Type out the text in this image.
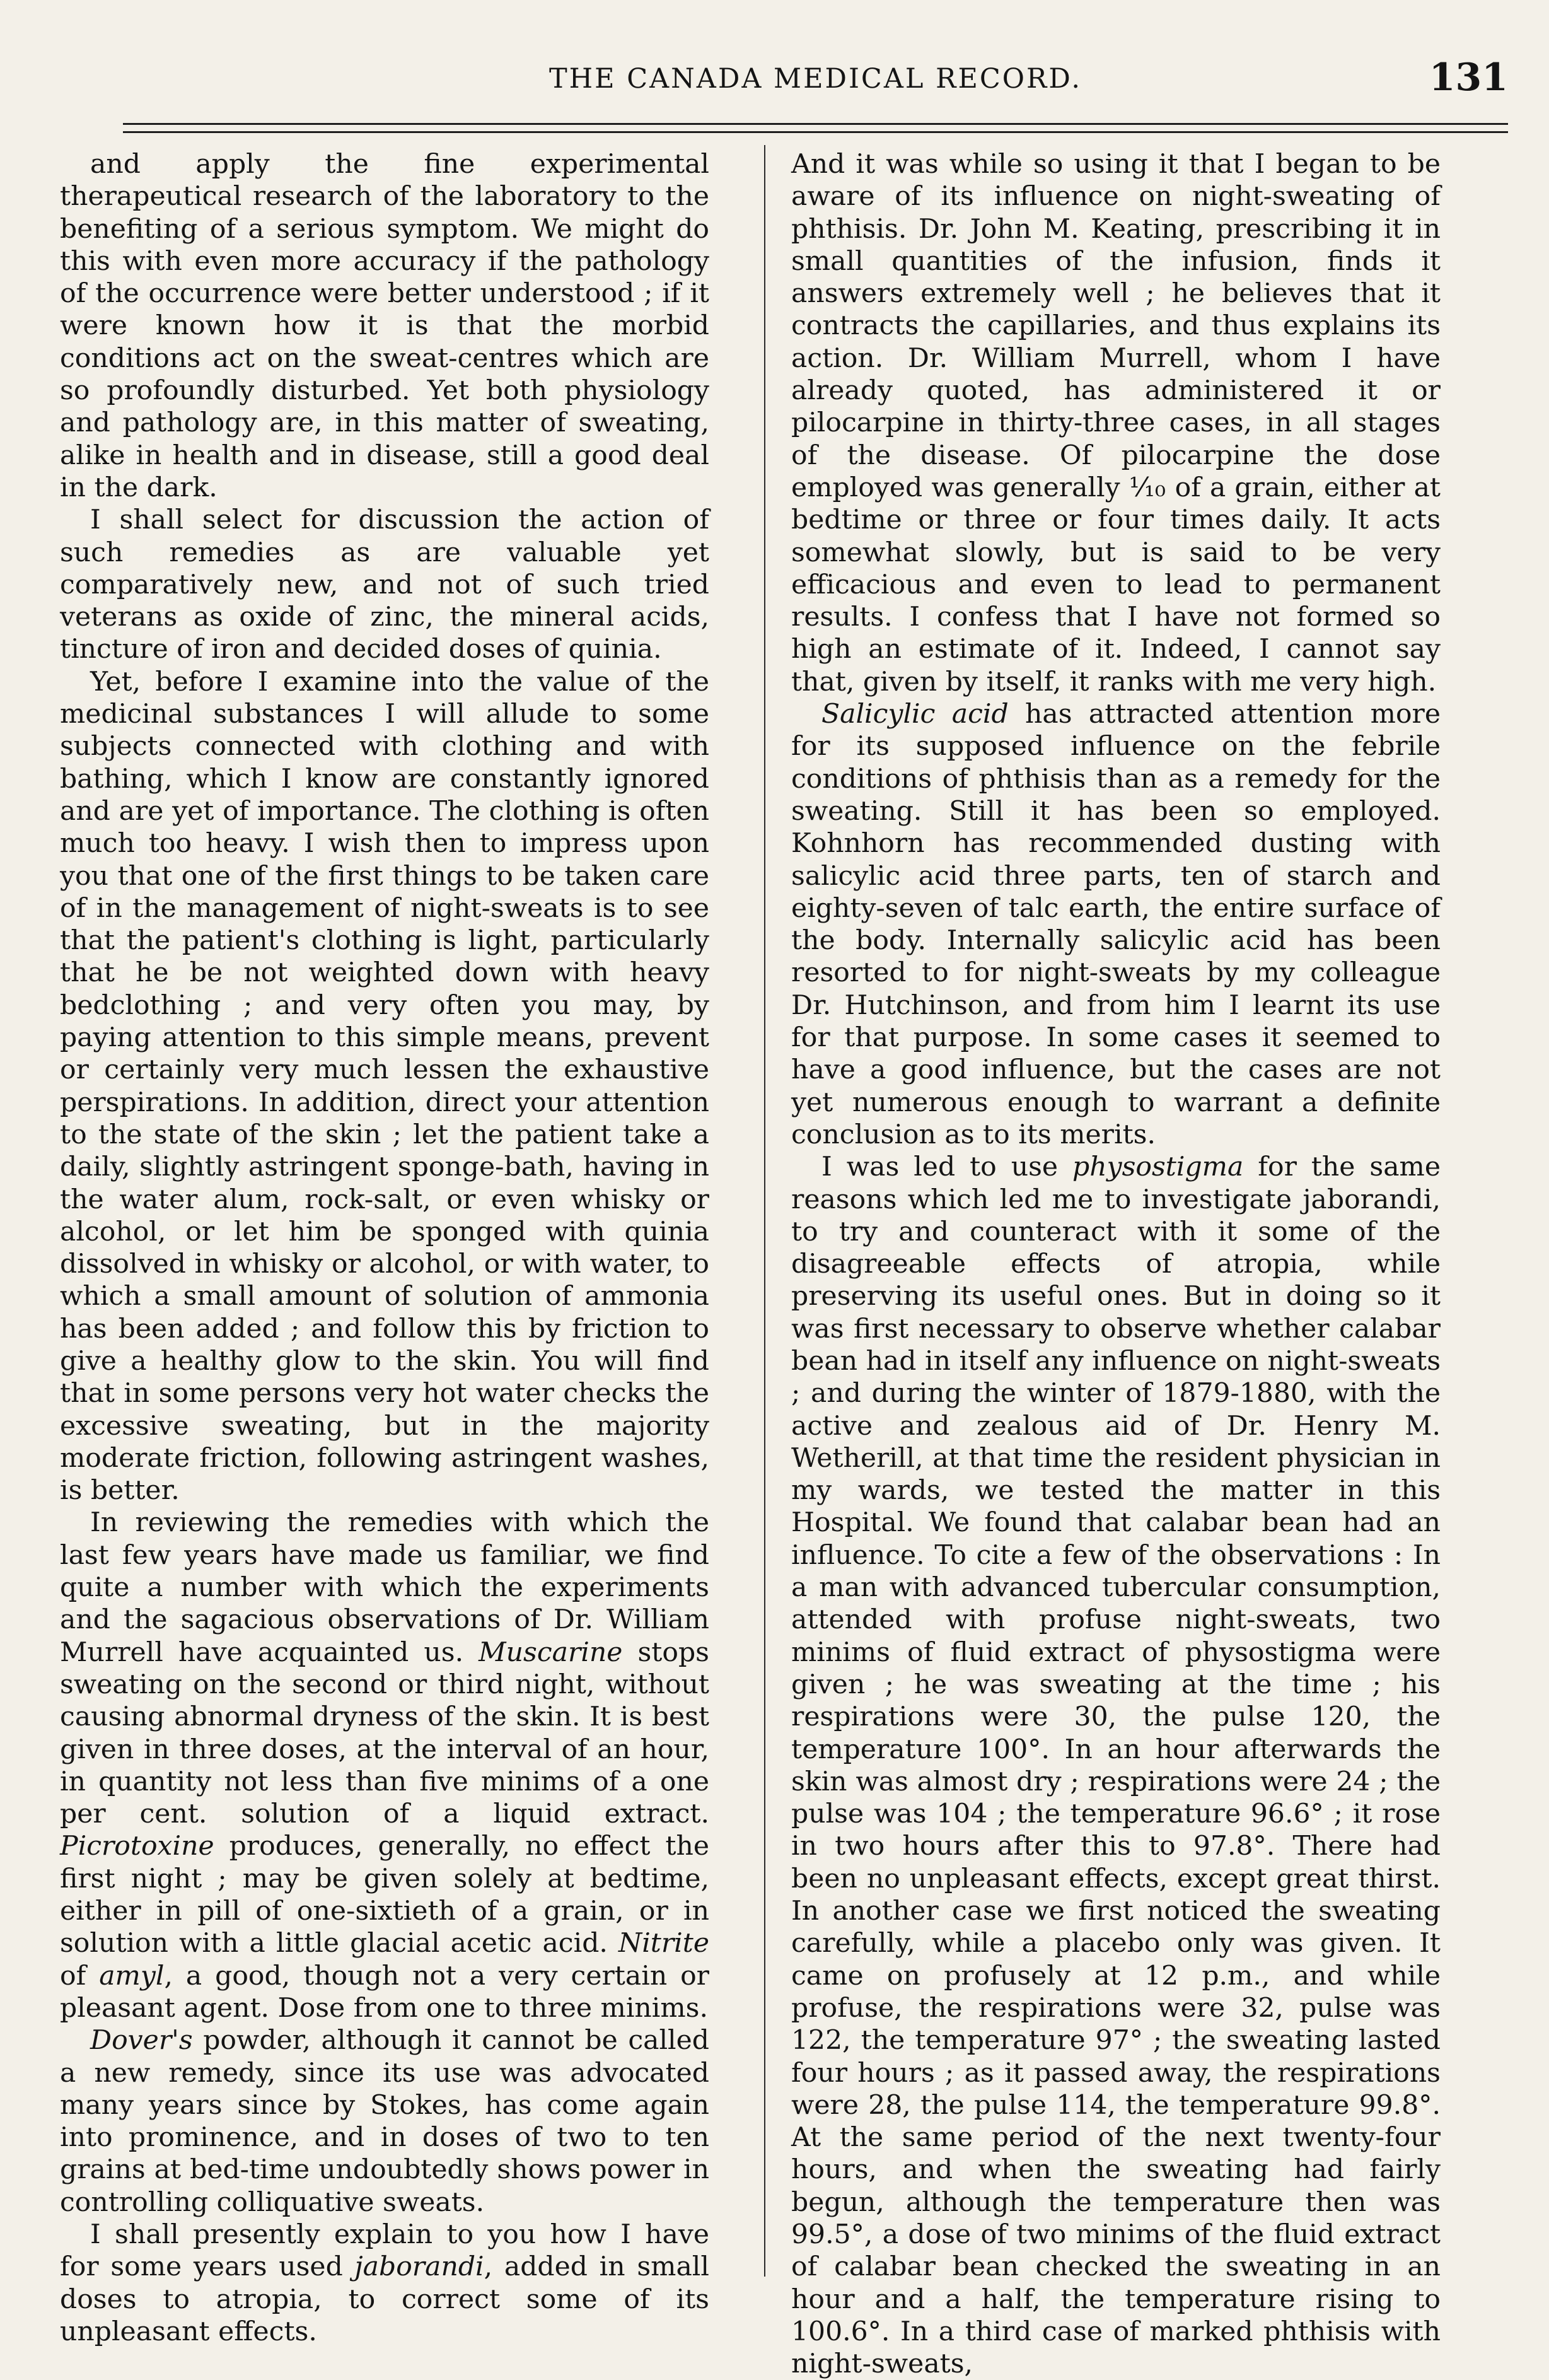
THE CANADA MEDICAL RECORD.	131

and apply the fine experimental therapeutical research of the laboratory to the benefiting of a serious symptom. We might do this with even more accuracy if the pathology of the occurrence were better understood ; if it were known how it is that the morbid conditions act on the sweat-centres which are so profoundly disturbed. Yet both physiology and pathology are, in this matter of sweating, alike in health and in disease, still a good deal in the dark.

I shall select for discussion the action of such remedies as are valuable yet comparatively new, and not of such tried veterans as oxide of zinc, the mineral acids, tincture of iron and decided doses of quinia.

Yet, before I examine into the value of the medicinal substances I will allude to some subjects connected with clothing and with bathing, which I know are constantly ignored and are yet of importance. The clothing is often much too heavy. I wish then to impress upon you that one of the first things to be taken care of in the management of night-sweats is to see that the patient's clothing is light, particularly that he be not weighted down with heavy bedclothing ; and very often you may, by paying attention to this simple means, prevent or certainly very much lessen the exhaustive perspirations. In addition, direct your attention to the state of the skin ; let the patient take a daily, slightly astringent sponge-bath, having in the water alum, rock-salt, or even whisky or alcohol, or let him be sponged with quinia dissolved in whisky or alcohol, or with water, to which a small amount of solution of ammonia has been added ; and follow this by friction to give a healthy glow to the skin. You will find that in some persons very hot water checks the excessive sweating, but in the majority moderate friction, following astringent washes, is better.

In reviewing the remedies with which the last few years have made us familiar, we find quite a number with which the experiments and the sagacious observations of Dr. William Murrell have acquainted us. Muscarine stops sweating on the second or third night, without causing abnormal dryness of the skin. It is best given in three doses, at the interval of an hour, in quantity not less than five minims of a one per cent. solution of a liquid extract. Picrotoxine produces, generally, no effect the first night ; may be given solely at bedtime, either in pill of one-sixtieth of a grain, or in solution with a little glacial acetic acid. Nitrite of amyl, a good, though not a very certain or pleasant agent. Dose from one to three minims.

Dover's powder, although it cannot be called a new remedy, since its use was advocated many years since by Stokes, has come again into prominence, and in doses of two to ten grains at bed-time undoubtedly shows power in controlling colliquative sweats.

I shall presently explain to you how I have for some years used jaborandi, added in small doses to atropia, to correct some of its unpleasant effects.

And it was while so using it that I began to be aware of its influence on night-sweating of phthisis. Dr. John M. Keating, prescribing it in small quantities of the infusion, finds it answers extremely well ; he believes that it contracts the capillaries, and thus explains its action. Dr. William Murrell, whom I have already quoted, has administered it or pilocarpine in thirty-three cases, in all stages of the disease. Of pilocarpine the dose employed was generally ⅒ of a grain, either at bedtime or three or four times daily. It acts somewhat slowly, but is said to be very efficacious and even to lead to permanent results. I confess that I have not formed so high an estimate of it. Indeed, I cannot say that, given by itself, it ranks with me very high.

Salicylic acid has attracted attention more for its supposed influence on the febrile conditions of phthisis than as a remedy for the sweating. Still it has been so employed. Kohnhorn has recommended dusting with salicylic acid three parts, ten of starch and eighty-seven of talc earth, the entire surface of the body. Internally salicylic acid has been resorted to for night-sweats by my colleague Dr. Hutchinson, and from him I learnt its use for that purpose. In some cases it seemed to have a good influence, but the cases are not yet numerous enough to warrant a definite conclusion as to its merits.

I was led to use physostigma for the same reasons which led me to investigate jaborandi, to try and counteract with it some of the disagreeable effects of atropia, while preserving its useful ones. But in doing so it was first necessary to observe whether calabar bean had in itself any influence on night-sweats ; and during the winter of 1879-1880, with the active and zealous aid of Dr. Henry M. Wetherill, at that time the resident physician in my wards, we tested the matter in this Hospital. We found that calabar bean had an influence. To cite a few of the observations : In a man with advanced tubercular consumption, attended with profuse night-sweats, two minims of fluid extract of physostigma were given ; he was sweating at the time ; his respirations were 30, the pulse 120, the temperature 100°. In an hour afterwards the skin was almost dry ; respirations were 24 ; the pulse was 104 ; the temperature 96.6° ; it rose in two hours after this to 97.8°. There had been no unpleasant effects, except great thirst. In another case we first noticed the sweating carefully, while a placebo only was given. It came on profusely at 12 p.m., and while profuse, the respirations were 32, pulse was 122, the temperature 97° ; the sweating lasted four hours ; as it passed away, the respirations were 28, the pulse 114, the temperature 99.8°. At the same period of the next twenty-four hours, and when the sweating had fairly begun, although the temperature then was 99.5°, a dose of two minims of the fluid extract of calabar bean checked the sweating in an hour and a half, the temperature rising to 100.6°. In a third case of marked phthisis with night-sweats,
